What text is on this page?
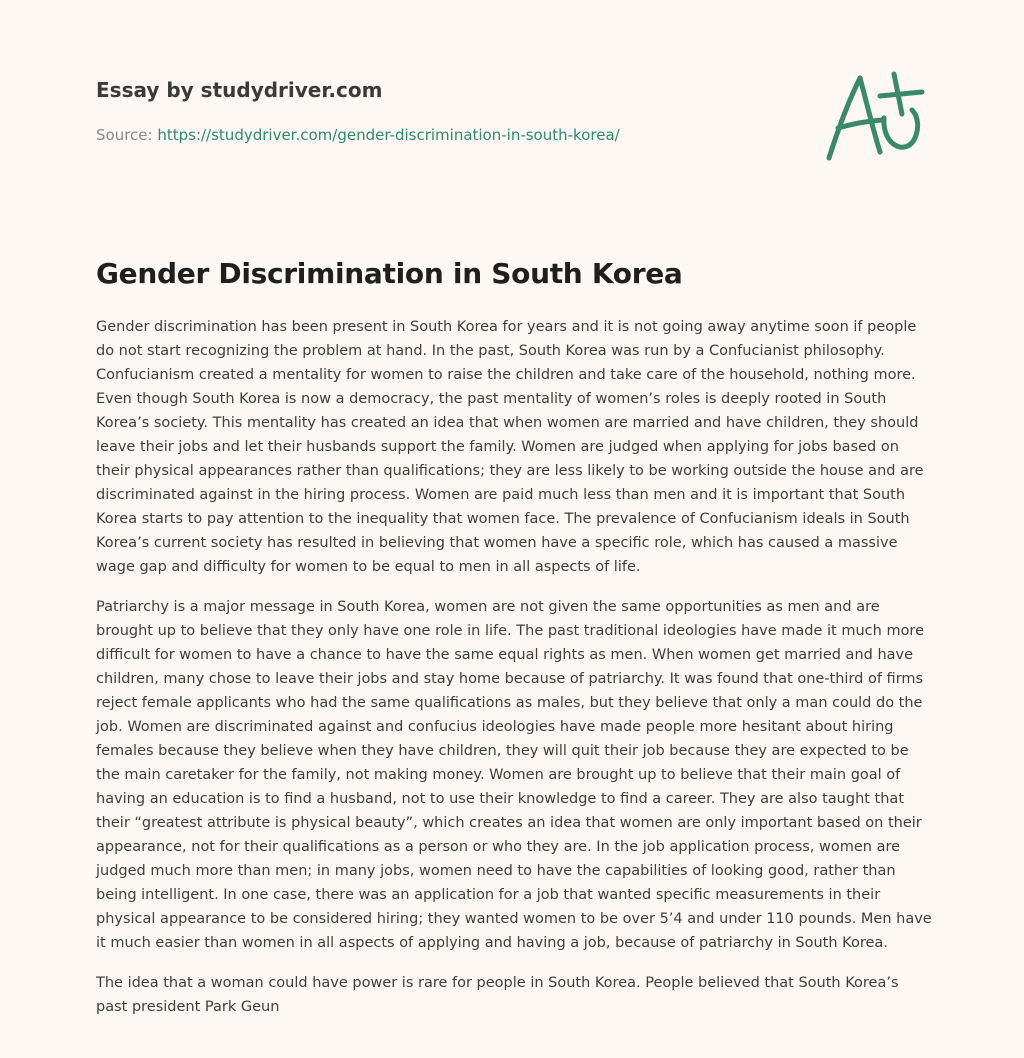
Essay by studydriver.com
Source: https://studydriver.com/gender-discrimination-in-south-korea/
Gender Discrimination in South Korea

Gender discrimination has been present in South Korea for years and it is not going away anytime soon if people do not start recognizing the problem at hand. In the past, South Korea was run by a Confucianist philosophy. Confucianism created a mentality for women to raise the children and take care of the household, nothing more. Even though South Korea is now a democracy, the past mentality of women’s roles is deeply rooted in South Korea’s society. This mentality has created an idea that when women are married and have children, they should leave their jobs and let their husbands support the family. Women are judged when applying for jobs based on their physical appearances rather than qualifications; they are less likely to be working outside the house and are discriminated against in the hiring process. Women are paid much less than men and it is important that South Korea starts to pay attention to the inequality that women face. The prevalence of Confucianism ideals in South Korea’s current society has resulted in believing that women have a specific role, which has caused a massive wage gap and difficulty for women to be equal to men in all aspects of life.

Patriarchy is a major message in South Korea, women are not given the same opportunities as men and are brought up to believe that they only have one role in life. The past traditional ideologies have made it much more difficult for women to have a chance to have the same equal rights as men. When women get married and have children, many chose to leave their jobs and stay home because of patriarchy. It was found that one-third of firms reject female applicants who had the same qualifications as males, but they believe that only a man could do the job. Women are discriminated against and confucius ideologies have made people more hesitant about hiring females because they believe when they have children, they will quit their job because they are expected to be the main caretaker for the family, not making money. Women are brought up to believe that their main goal of having an education is to find a husband, not to use their knowledge to find a career. They are also taught that their “greatest attribute is physical beauty”, which creates an idea that women are only important based on their appearance, not for their qualifications as a person or who they are. In the job application process, women are judged much more than men; in many jobs, women need to have the capabilities of looking good, rather than being intelligent. In one case, there was an application for a job that wanted specific measurements in their physical appearance to be considered hiring; they wanted women to be over 5’4 and under 110 pounds. Men have it much easier than women in all aspects of applying and having a job, because of patriarchy in South Korea.

The idea that a woman could have power is rare for people in South Korea. People believed that South Korea’s past president Park Geun
